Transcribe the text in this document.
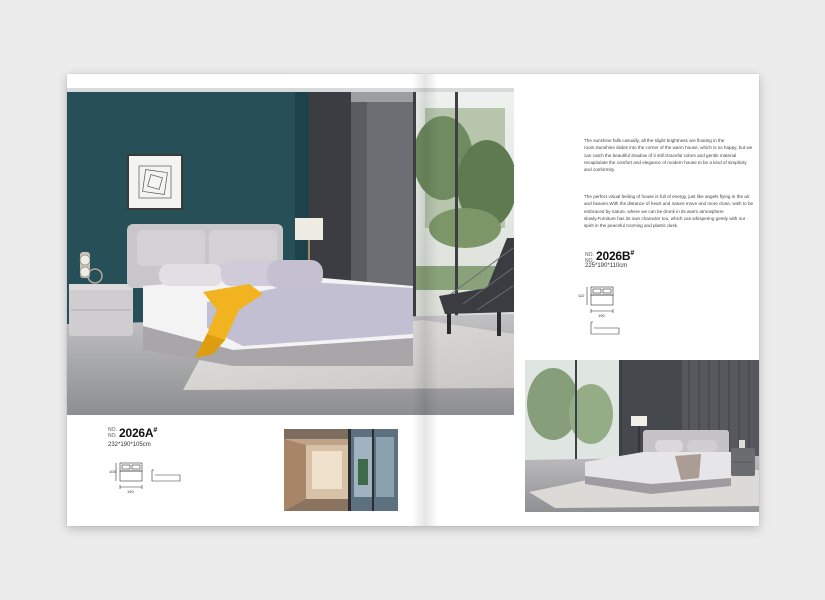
NO.
NO. 2026A#
232*190*105cm
105
190
The sunshine falls casually, all the slight brightness are floating in the room.Sunshine slides into the corner of the warm house, which is so happy, but we can catch the beautiful shadow of it still.Graceful colors and gentle material recapitulate the comfort and elegance of modern house to be a kind of simplicity and conformity.
The perfect visual feeling of house is full of energy, just like angels flying in the air and heaven.With the distance of heart and nature move and more close, wish to be embraced by nature, where we can be drunk in its warm atmosphere slowly.Furniture has its own character too, which can whispering gently with our spirit in the peaceful morning and plastic dusk.
NO.
NO. 2026B#
225*190*110cm
110
190
